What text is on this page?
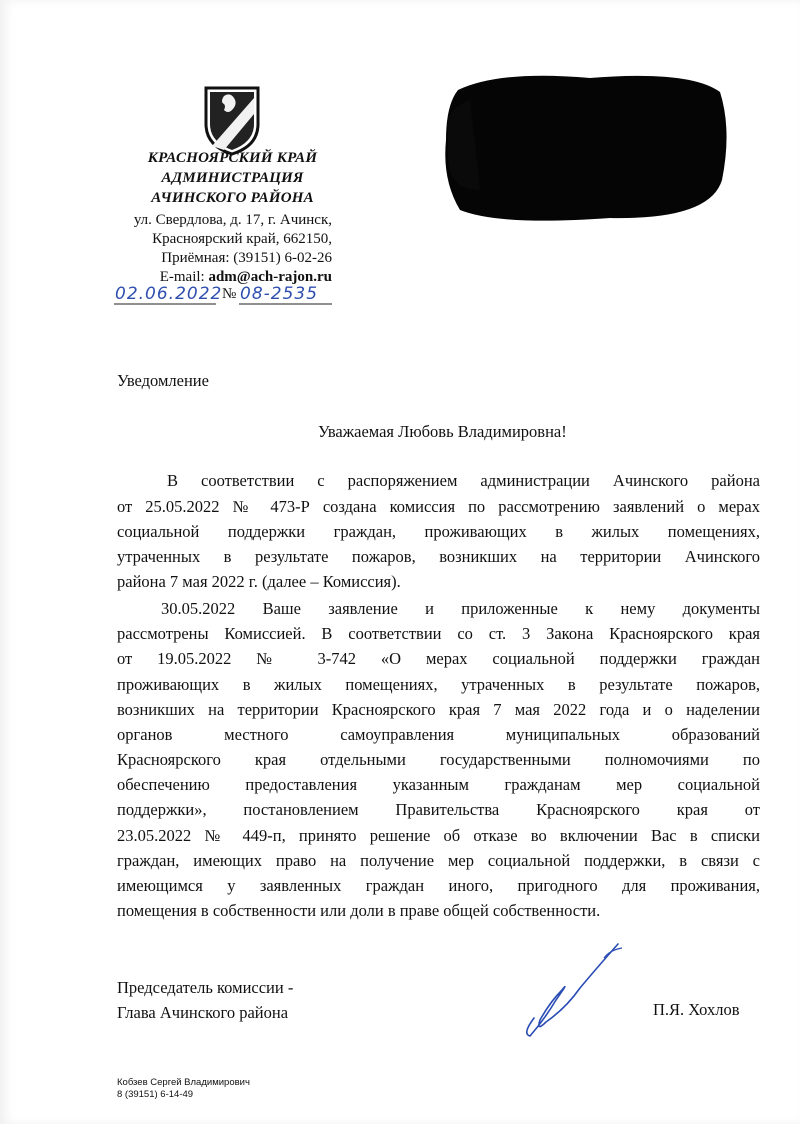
КРАСНОЯРСКИЙ КРАЙ
АДМИНИСТРАЦИЯ
АЧИНСКОГО РАЙОНА
ул. Свердлова, д. 17, г. Ачинск,
Красноярский край, 662150,
Приёмная: (39151) 6-02-26
E-mail: adm@ach-rajon.ru
02.06.2022 № 08-2535
Уведомление
Уважаемая Любовь Владимировна!
В соответствии с распоряжением администрации Ачинского района
от 25.05.2022 № 473-Р создана комиссия по рассмотрению заявлений о мерах
социальной поддержки граждан, проживающих в жилых помещениях,
утраченных в результате пожаров, возникших на территории Ачинского
района 7 мая 2022 г. (далее – Комиссия).
30.05.2022 Ваше заявление и приложенные к нему документы
рассмотрены Комиссией. В соответствии со ст. 3 Закона Красноярского края
от 19.05.2022 № 3-742 «О мерах социальной поддержки граждан
проживающих в жилых помещениях, утраченных в результате пожаров,
возникших на территории Красноярского края 7 мая 2022 года и о наделении
органов местного самоуправления муниципальных образований
Красноярского края отдельными государственными полномочиями по
обеспечению предоставления указанным гражданам мер социальной
поддержки», постановлением Правительства Красноярского края от
23.05.2022 № 449-п, принято решение об отказе во включении Вас в списки
граждан, имеющих право на получение мер социальной поддержки, в связи с
имеющимся у заявленных граждан иного, пригодного для проживания,
помещения в собственности или доли в праве общей собственности.
Председатель комиссии -
Глава Ачинского района	П.Я. Хохлов
Кобзев Сергей Владимирович
8 (39151) 6-14-49
